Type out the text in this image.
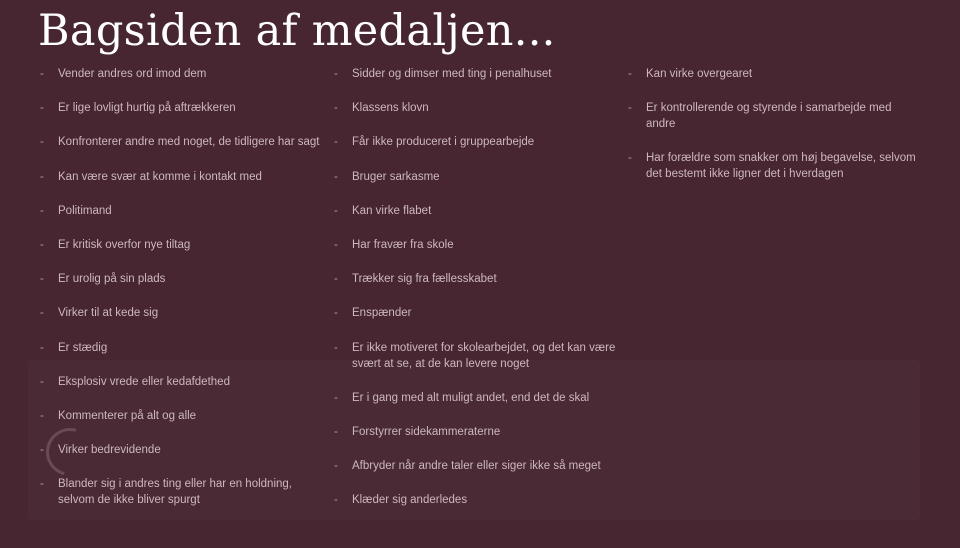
Bagsiden af medaljen...
- Vender andres ord imod dem
- Er lige lovligt hurtig på aftrækkeren
- Konfronterer andre med noget, de tidligere har sagt
- Kan være svær at komme i kontakt med
- Politimand
- Er kritisk overfor nye tiltag
- Er urolig på sin plads
- Virker til at kede sig
- Er stædig
- Eksplosiv vrede eller kedafdethed
- Kommenterer på alt og alle
- Virker bedrevidende
- Blander sig i andres ting eller har en holdning, selvom de ikke bliver spurgt
- Sidder og dimser med ting i penalhuset
- Klassens klovn
- Får ikke produceret i gruppearbejde
- Bruger sarkasme
- Kan virke flabet
- Har fravær fra skole
- Trækker sig fra fællesskabet
- Enspænder
- Er ikke motiveret for skolearbejdet, og det kan være svært at se, at de kan levere noget
- Er i gang med alt muligt andet, end det de skal
- Forstyrrer sidekammeraterne
- Afbryder når andre taler eller siger ikke så meget
- Klæder sig anderledes
- Kan virke overgearet
- Er kontrollerende og styrende i samarbejde med andre
- Har forældre som snakker om høj begavelse, selvom det bestemt ikke ligner det i hverdagen
